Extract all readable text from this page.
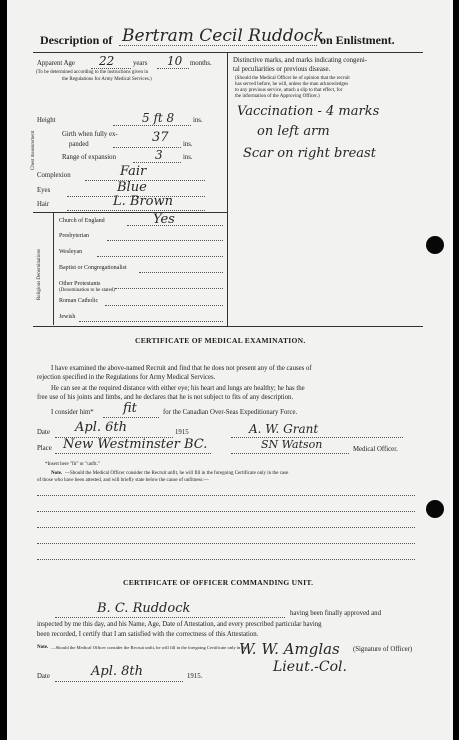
Description of Bertram Cecil Ruddock
on Enlistment.
Apparent Age 22	years 10 months.
(To be determined according to the instructions given in
the Regulations for Army Medical Services.)
Height	5 ft 8	ins.
Chest measurement	Girth when fully ex-
panded	37 ins.
Range of expansion	3	ins.
Complexion	Fair
Eyes	Blue
Hair	L. Brown
Religious Denominations
Church of England	Yes
Presbyterian
Wesleyan
Baptist or Congregationalist
Other Protestants
(Denomination to be stated)
Roman Catholic
Jewish
Distinctive marks, and marks indicating congeni-
tal peculiarities or previous disease.
(Should the Medical Officer be of opinion that the recruit
has served before, he will, unless the man acknowledges
to any previous service, attach a slip to that effect, for
the information of the Approving Officer.)
Vaccination - 4 marks
on left arm
Scar on right breast
CERTIFICATE OF MEDICAL EXAMINATION.
I have examined the above-named Recruit and find that he does not present any of the causes of
rejection specified in the Regulations for Army Medical Services.
He can see at the required distance with either eye; his heart and lungs are healthy; he has the
free use of his joints and limbs, and he declares that he is not subject to fits of any description.
I consider him* fit	for the Canadian Over-Seas Expeditionary Force.
Date Apl. 6th	1915	A. W. Grant
Place New Westminster BC.	SN Watson	Medical Officer.
*Insert here "fit" or "unfit."
Note. —Should the Medical Officer consider the Recruit unfit, he will fill in the foregoing Certificate only in the case
of those who have been attested, and will briefly state below the cause of unfitness:—
CERTIFICATE OF OFFICER COMMANDING UNIT.
B. C. Ruddock	having been finally approved and
inspected by me this day, and his Name, Age, Date of Attestation, and every prescribed particular having
been recorded, I certify that I am satisfied with the correctness of this Attestation.
W. W. Amglas (Signature of Officer)
Note. —Should the Medical Officer consider the Recruit unfit, he will fill in the foregoing Certificate only in the
Lieut.-Col.
Date	Apl. 8th	1915.
